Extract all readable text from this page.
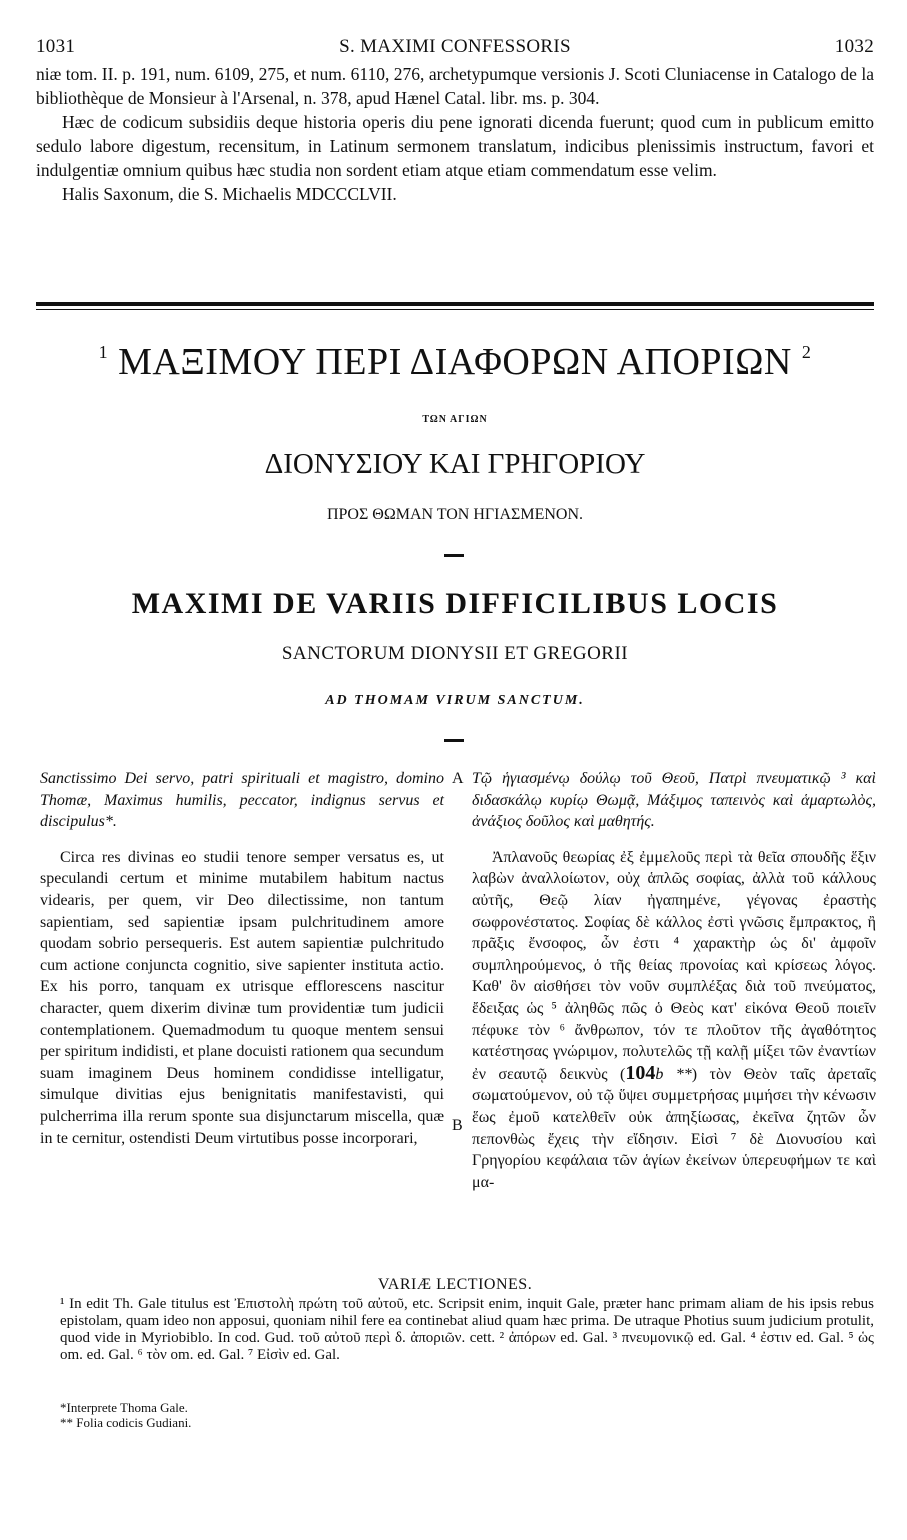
1031	S. MAXIMI CONFESSORIS	1032

niæ tom. II. p. 191, num. 6109, 275, et num. 6110, 276, archetypumque versionis J. Scoti Cluniacense in Catalogo de la bibliothèque de Monsieur à l'Arsenal, n. 378, apud Hænel Catal. libr. ms. p. 304.

Hæc de codicum subsidiis deque historia operis diu pene ignorati dicenda fuerunt; quod cum in publicum emitto sedulo labore digestum, recensitum, in Latinum sermonem translatum, indicibus plenissimis instructum, favori et indulgentiæ omnium quibus hæc studia non sordent etiam atque etiam commendatum esse velim.

Halis Saxonum, die S. Michaelis MDCCCLVII.

$^1$ ΜΑΞΙΜΟΥ ΠΕΡΙ ΔΙΑΦΟΡΩΝ ΑΠΟΡΙΩΝ $^2$
ΤΩΝ ΑΓΙΩΝ
ΔΙΟΝΥΣΙΟΥ ΚΑΙ ΓΡΗΓΟΡΙΟΥ
ΠΡΟΣ ΘΩΜΑΝ ΤΟΝ ΗΓΙΑΣΜΕΝΟΝ.
MAXIMI DE VARIIS DIFFICILIBUS LOCIS
SANCTORUM DIONYSII ET GREGORII
AD THOMAM VIRUM SANCTUM.

Sanctissimo Dei servo, patri spirituali et magistro, domino Thomæ, Maximus humilis, peccator, indignus servus et discipulus*.

Circa res divinas eo studii tenore semper versatus es, ut speculandi certum et minime mutabilem habitum nactus videaris, per quem, vir Deo dilectissime, non tantum sapientiam, sed sapientiæ ipsam pulchritudinem amore quodam sobrio persequeris. Est autem sapientiæ pulchritudo cum actione conjuncta cognitio, sive sapienter instituta actio. Ex his porro, tanquam ex utrisque efflorescens nascitur character, quem dixerim divinæ tum providentiæ tum judicii contemplationem. Quemadmodum tu quoque mentem sensui per spiritum indidisti, et plane docuisti rationem qua secundum suam imaginem Deus hominem condidisse intelligatur, simulque divitias ejus benignitatis manifestavisti, qui pulcherrima illa rerum sponte sua disjunctarum miscella, quæ in te cernitur, ostendisti Deum virtutibus posse incorporari,

A
B

Τῷ ἡγιασμένῳ δούλῳ τοῦ Θεοῦ, Πατρὶ πνευματικῷ ³ καὶ διδασκάλῳ κυρίῳ Θωμᾷ, Μάξιμος ταπεινὸς καὶ ἁμαρτωλὸς, ἀνάξιος δοῦλος καὶ μαθητής.

Ἀπλανοῦς θεωρίας ἐξ ἐμμελοῦς περὶ τὰ θεῖα σπουδῆς ἕξιν λαβὼν ἀναλλοίωτον, οὐχ ἁπλῶς σοφίας, ἀλλὰ τοῦ κάλλους αὐτῆς, Θεῷ λίαν ἠγαπημένε, γέγονας ἐραστὴς σωφρονέστατος. Σοφίας δὲ κάλλος ἐστὶ γνῶσις ἔμπρακτος, ἢ πρᾶξις ἔνσοφος, ὧν ἐστι ⁴ χαρακτὴρ ὡς δι' ἀμφοῖν συμπληρούμενος, ὁ τῆς θείας προνοίας καὶ κρίσεως λόγος. Καθ' ὃν αἰσθήσει τὸν νοῦν συμπλέξας διὰ τοῦ πνεύματος, ἔδειξας ὡς ⁵ ἀληθῶς πῶς ὁ Θεὸς κατ' εἰκόνα Θεοῦ ποιεῖν πέφυκε τὸν ⁶ ἄνθρωπον, τόν τε πλοῦτον τῆς ἀγαθότητος κατέστησας γνώριμον, πολυτελῶς τῇ καλῇ μίξει τῶν ἐναντίων ἐν σεαυτῷ δεικνὺς (104b **) τὸν Θεὸν ταῖς ἀρεταῖς σωματούμενον, οὐ τῷ ὕψει συμμετρήσας μιμήσει τὴν κένωσιν ἕως ἐμοῦ κατελθεῖν οὐκ ἀπηξίωσας, ἐκεῖνα ζητῶν ὧν πεπονθὼς ἔχεις τὴν εἴδησιν. Εἰσὶ ⁷ δὲ Διονυσίου καὶ Γρηγορίου κεφάλαια τῶν ἁγίων ἐκείνων ὑπερευφήμων τε καὶ μα-

VARIÆ LECTIONES.

¹ In edit Th. Gale titulus est Ἐπιστολὴ πρώτη τοῦ αὐτοῦ, etc. Scripsit enim, inquit Gale, præter hanc primam aliam de his ipsis rebus epistolam, quam ideo non apposui, quoniam nihil fere ea continebat aliud quam hæc prima. De utraque Photius suum judicium protulit, quod vide in Myriobiblo. In cod. Gud. τοῦ αὐτοῦ περὶ δ. ἀποριῶν. cett. ² ἀπόρων ed. Gal. ³ πνευμονικῷ ed. Gal. ⁴ ἐστιν ed. Gal. ⁵ ὡς om. ed. Gal. ⁶ τὸν om. ed. Gal. ⁷ Εἰσὶν ed. Gal.

*Interprete Thoma Gale.

** Folia codicis Gudiani.
